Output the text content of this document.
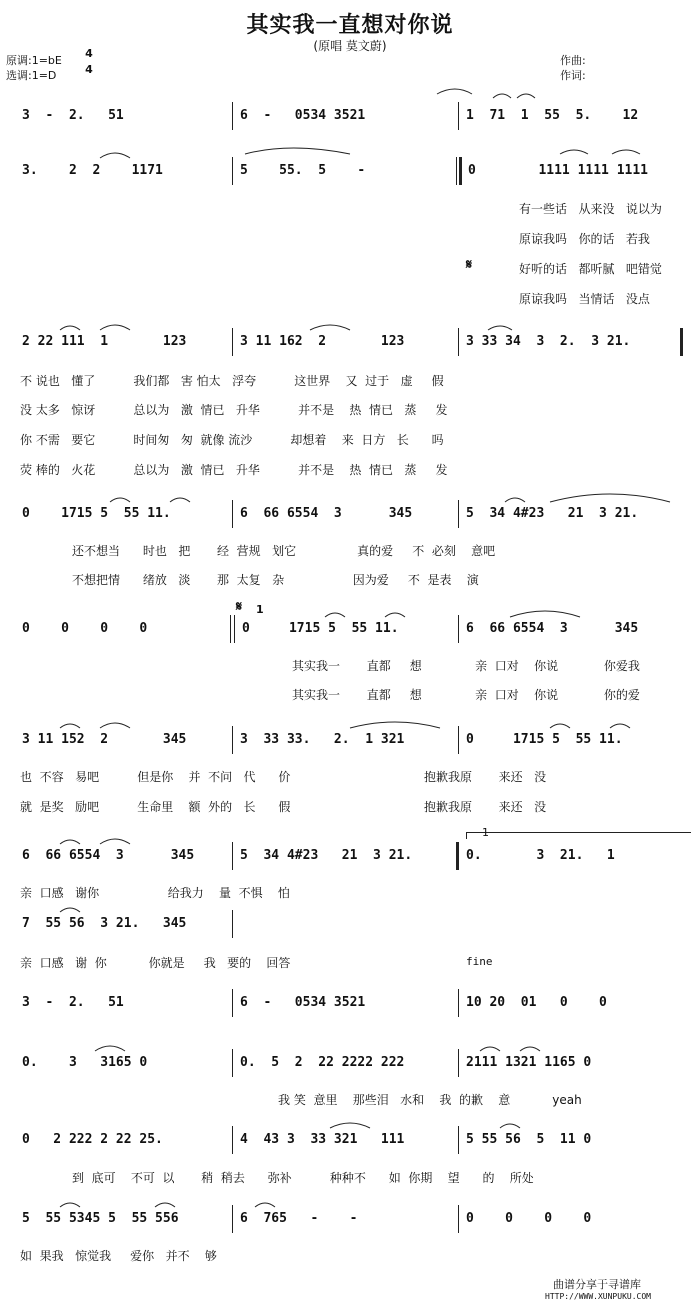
其实我一直想对你说
(原唱 莫文蔚)
原调:1=bE
选调:1=D
4
4
作曲:
作词:
3  -  2.   51	6  -   0534 3521	1  71  1  55  5.    12
3.    2  2    1171	5    55.  5    -	0        1111 1111 1111
有一些话   从来没   说以为
原谅我吗   你的话   若我
𝄋	好听的话   都听腻   吧错觉
原谅我吗   当情话   没点
2 22 111  1       123	3 11 162  2       123	3 33 34  3  2.  3 21.
不 说也   懂了          我们都   害 怕太   浮夸          这世界    又  过于   虚     假
没 太多   惊讶          总以为   激  情已   升华          并不是    热  情已   蒸     发
你 不需   要它          时间匆   匆  就像 流沙          却想着    来  日方   长      吗
荧 棒的   火花          总以为   激  情已   升华          并不是    热  情已   蒸     发
0    1715 5  55 11.	6  66 6554  3      345	5  34 4#23   21  3 21.
还不想当      时也   把       经  营规   划它                真的爱     不  必刻    意吧
不想把情      绪放   淡       那  太复   杂                  因为爱     不  是表    演
𝄋 1
0    0    0    0	0     1715 5  55 11.	6  66 6554  3      345
其实我一       直都     想              亲  口对    你说            你爱我
其实我一       直都     想              亲  口对    你说            你的爱
3 11 152  2       345	3  33 33.   2.  1 321	0     1715 5  55 11.
也  不容   易吧          但是你    并  不问   代      价                                   抱歉我原       来还   没
就  是奖   励吧          生命里    额  外的   长      假                                   抱歉我原       来还   没
6  66 6554  3      345	5  34 4#23   21  3 21.
1
0.       3  21.   1
亲  口感   谢你                  给我力    量  不惧    怕
7  55 56  3 21.   345
亲  口感   谢  你           你就是     我   要的    回答	fine
3  -  2.   51	6  -   0534 3521	10 20  01   0    0
0.    3   3165 0	0.  5  2  22 2222 222	2111 1321 1165 0
我 笑  意里    那些泪   水和    我  的歉    意           yeah
0   2 222 2 22 25.	4  43 3  33 321   111	5 55 56  5  11 0
到  底可    不可  以       稍  稍去      弥补          种种不      如  你期    望      的    所处
5  55 5345 5  55 556	6  765   -    -	0    0    0    0
如  果我   惊觉我     爱你   并不    够
曲谱分享于寻谱库
HTTP://WWW.XUNPUKU.COM
